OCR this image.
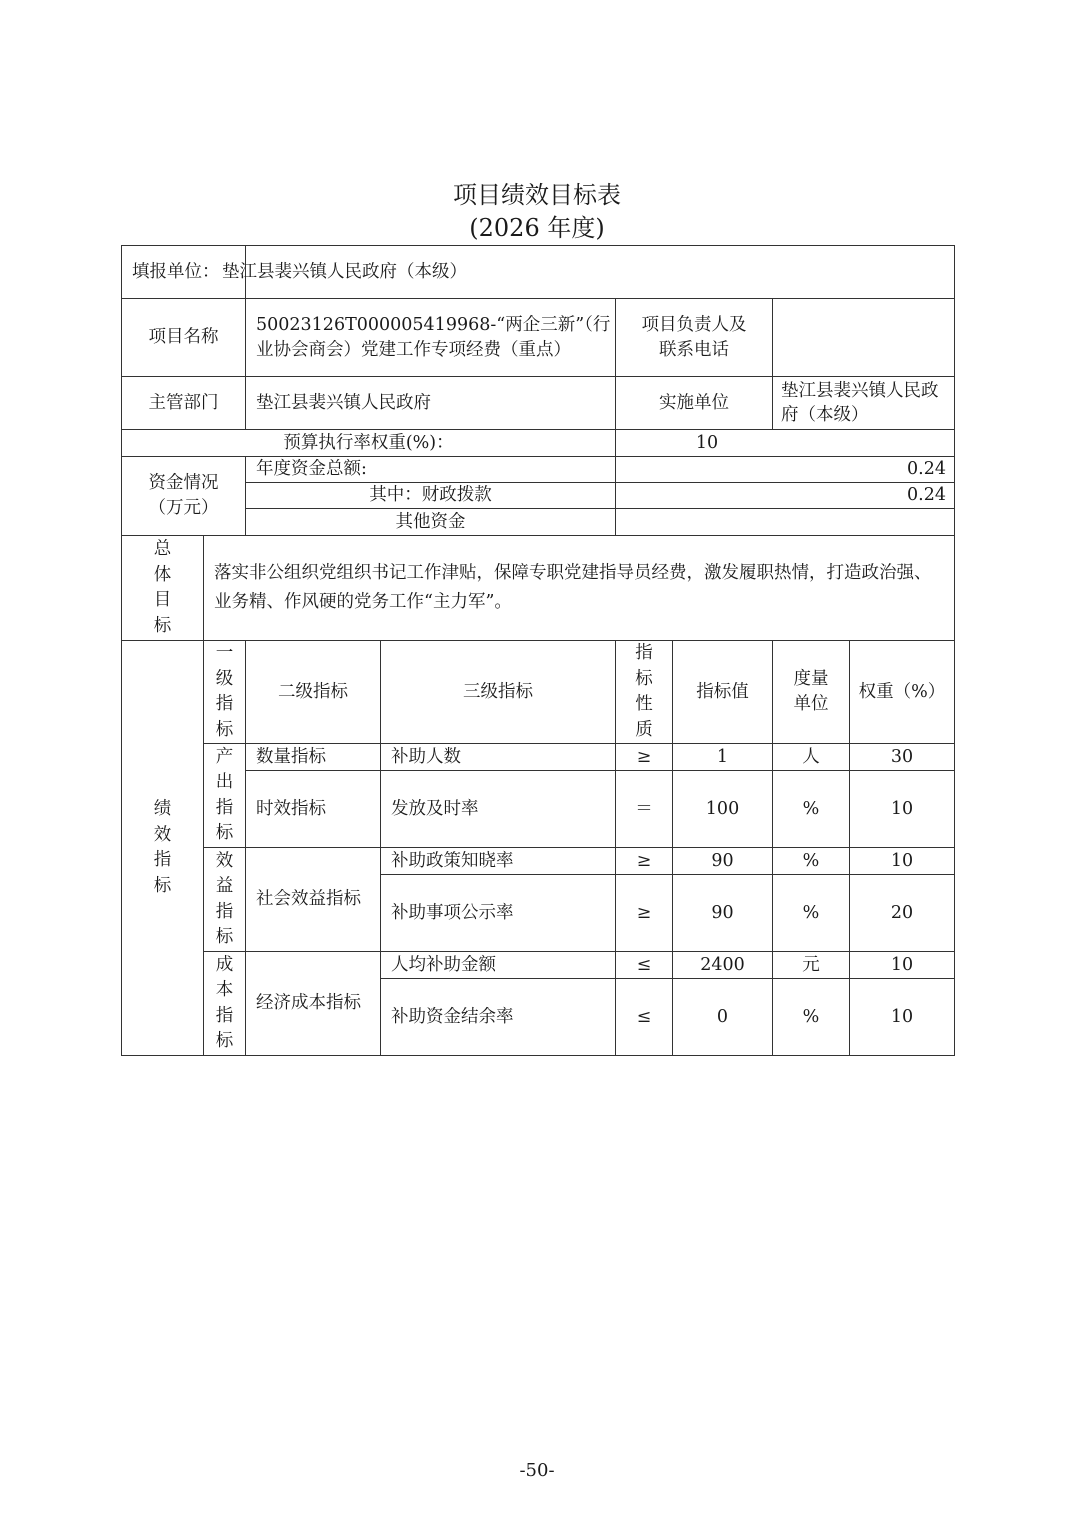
项目绩效目标表
(2026 年度)
填报单位：	垫江县裴兴镇人民政府（本级）
项目名称	50023126T000005419968-“两企三新”（行业协会商会）党建工作专项经费（重点）	项目负责人及联系电话	
主管部门	垫江县裴兴镇人民政府	实施单位	垫江县裴兴镇人民政府（本级）
预算执行率权重(%)：	10
资金情况（万元）	年度资金总额:	0.24
其中：财政拨款	0.24
其他资金	
总体目标	落实非公组织党组织书记工作津贴，保障专职党建指导员经费，激发履职热情，打造政治强、业务精、作风硬的党务工作“主力军”。
绩效指标	一级指标	二级指标	三级指标	指标性质	指标值	度量单位	权重（%）
产出指标	数量指标	补助人数	≥	1	人	30
时效指标	发放及时率	＝	100	%	10
效益指标	社会效益指标	补助政策知晓率	≥	90	%	10
补助事项公示率	≥	90	%	20
成本指标	经济成本指标	人均补助金额	≤	2400	元	10
补助资金结余率	≤	0	%	10
-50-
